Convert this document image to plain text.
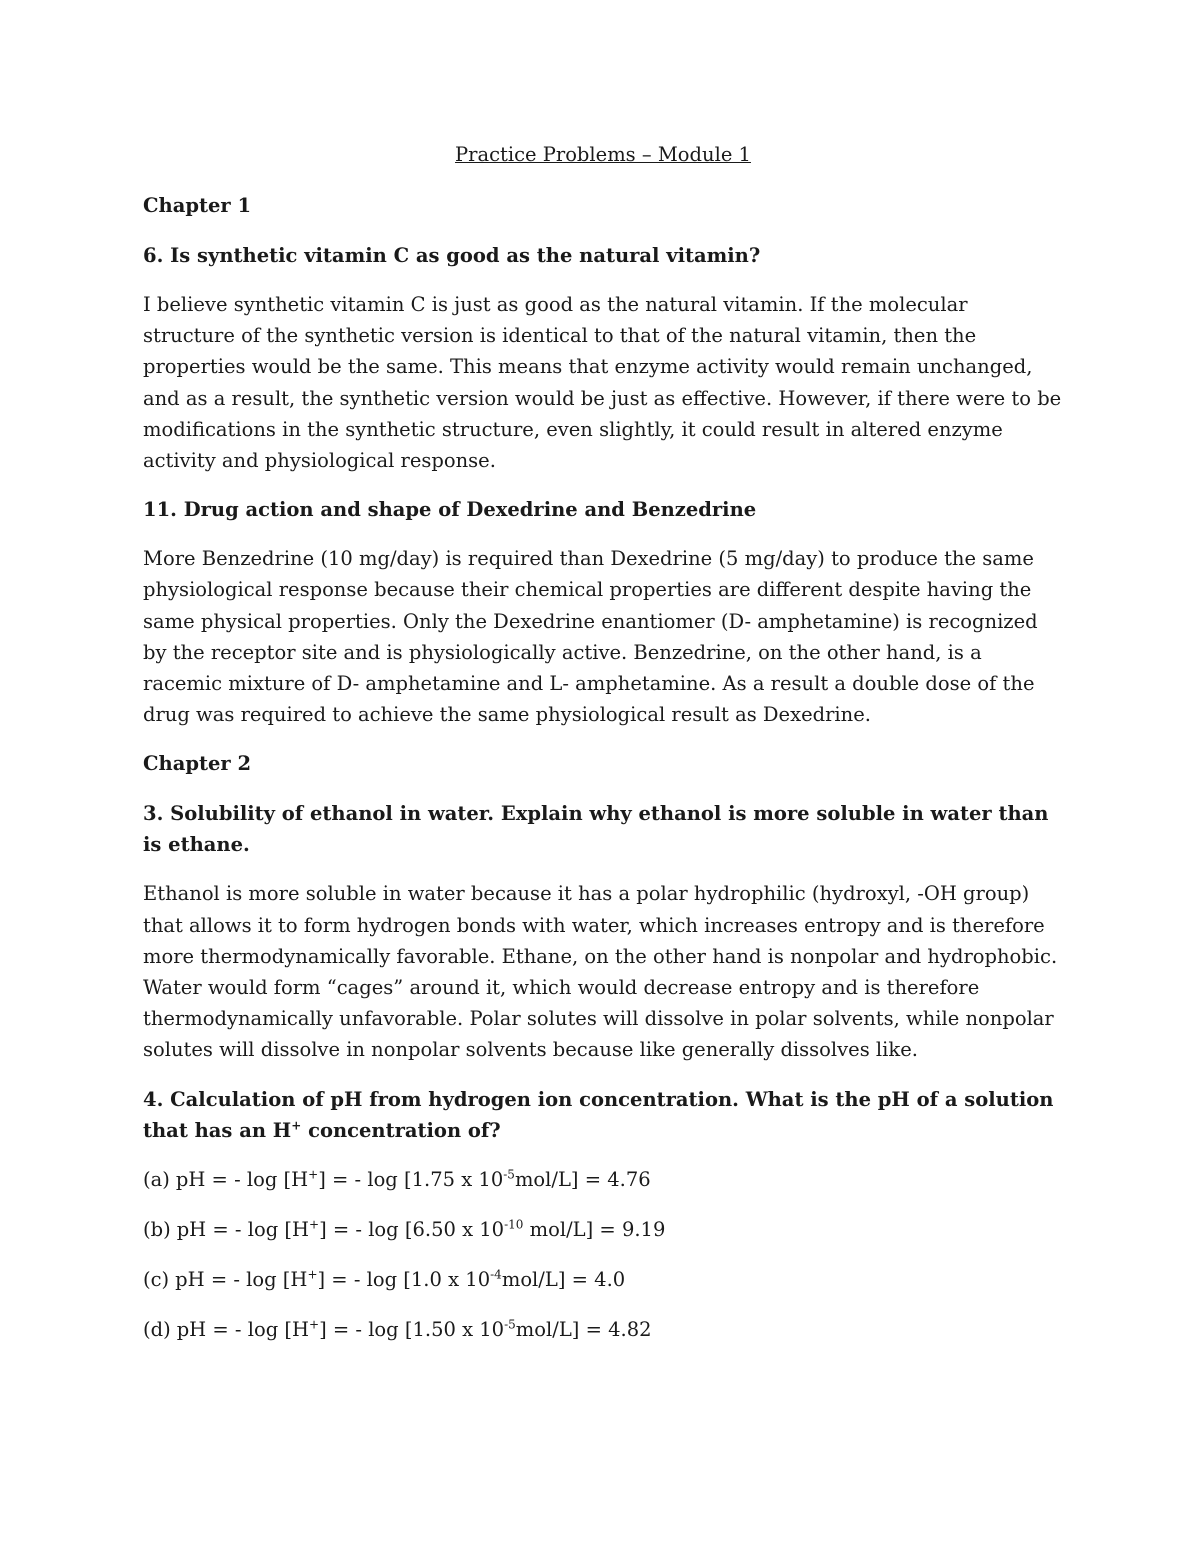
Practice Problems – Module 1

Chapter 1

6. Is synthetic vitamin C as good as the natural vitamin?

I believe synthetic vitamin C is just as good as the natural vitamin. If the molecular structure of the synthetic version is identical to that of the natural vitamin, then the properties would be the same. This means that enzyme activity would remain unchanged, and as a result, the synthetic version would be just as effective. However, if there were to be modifications in the synthetic structure, even slightly, it could result in altered enzyme activity and physiological response.

11. Drug action and shape of Dexedrine and Benzedrine

More Benzedrine (10 mg/day) is required than Dexedrine (5 mg/day) to produce the same physiological response because their chemical properties are different despite having the same physical properties. Only the Dexedrine enantiomer (D- amphetamine) is recognized by the receptor site and is physiologically active. Benzedrine, on the other hand, is a racemic mixture of D- amphetamine and L- amphetamine. As a result a double dose of the drug was required to achieve the same physiological result as Dexedrine.

Chapter 2

3. Solubility of ethanol in water. Explain why ethanol is more soluble in water than is ethane.

Ethanol is more soluble in water because it has a polar hydrophilic (hydroxyl, -OH group) that allows it to form hydrogen bonds with water, which increases entropy and is therefore more thermodynamically favorable. Ethane, on the other hand is nonpolar and hydrophobic. Water would form “cages” around it, which would decrease entropy and is therefore thermodynamically unfavorable. Polar solutes will dissolve in polar solvents, while nonpolar solutes will dissolve in nonpolar solvents because like generally dissolves like.

4. Calculation of pH from hydrogen ion concentration. What is the pH of a solution that has an H+ concentration of?

(a) pH = - log [H+] = - log [1.75 x $10^{-5}mol/L] = 4.76$

(b) pH = - log [H+] = - log [6.50 x $10^{-10}$ mol/L] = 9.19

(c) pH = - log [H+] = - log [1.0 x $10^{-4}mol/L] = 4.0$

(d) pH = - log [H+] = - log [1.50 x $10^{-5}mol/L] = 4.82$
